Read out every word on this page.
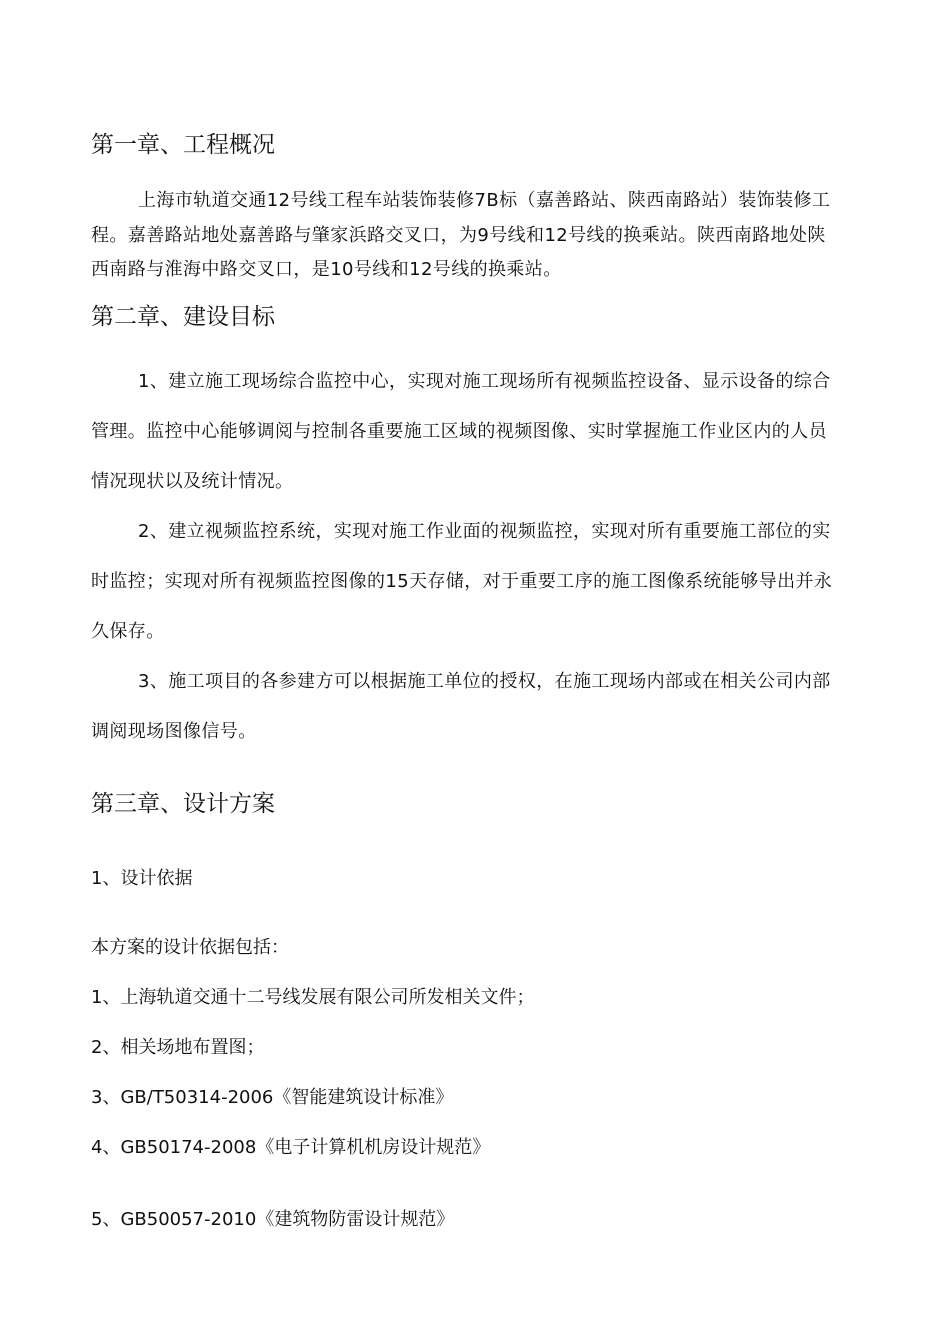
第一章、工程概况
上海市轨道交通12号线工程车站装饰装修7B标（嘉善路站、陕西南路站）装饰装修工
程。嘉善路站地处嘉善路与肇家浜路交叉口，为9号线和12号线的换乘站。陕西南路地处陕
西南路与淮海中路交叉口，是10号线和12号线的换乘站。
第二章、建设目标
1、建立施工现场综合监控中心，实现对施工现场所有视频监控设备、显示设备的综合
管理。监控中心能够调阅与控制各重要施工区域的视频图像、实时掌握施工作业区内的人员
情况现状以及统计情况。
2、建立视频监控系统，实现对施工作业面的视频监控，实现对所有重要施工部位的实
时监控；实现对所有视频监控图像的15天存储，对于重要工序的施工图像系统能够导出并永
久保存。
3、施工项目的各参建方可以根据施工单位的授权，在施工现场内部或在相关公司内部
调阅现场图像信号。
第三章、设计方案
1、设计依据
本方案的设计依据包括：
1、上海轨道交通十二号线发展有限公司所发相关文件；
2、相关场地布置图；
3、GB/T50314-2006《智能建筑设计标准》
4、GB50174-2008《电子计算机机房设计规范》
5、GB50057-2010《建筑物防雷设计规范》
